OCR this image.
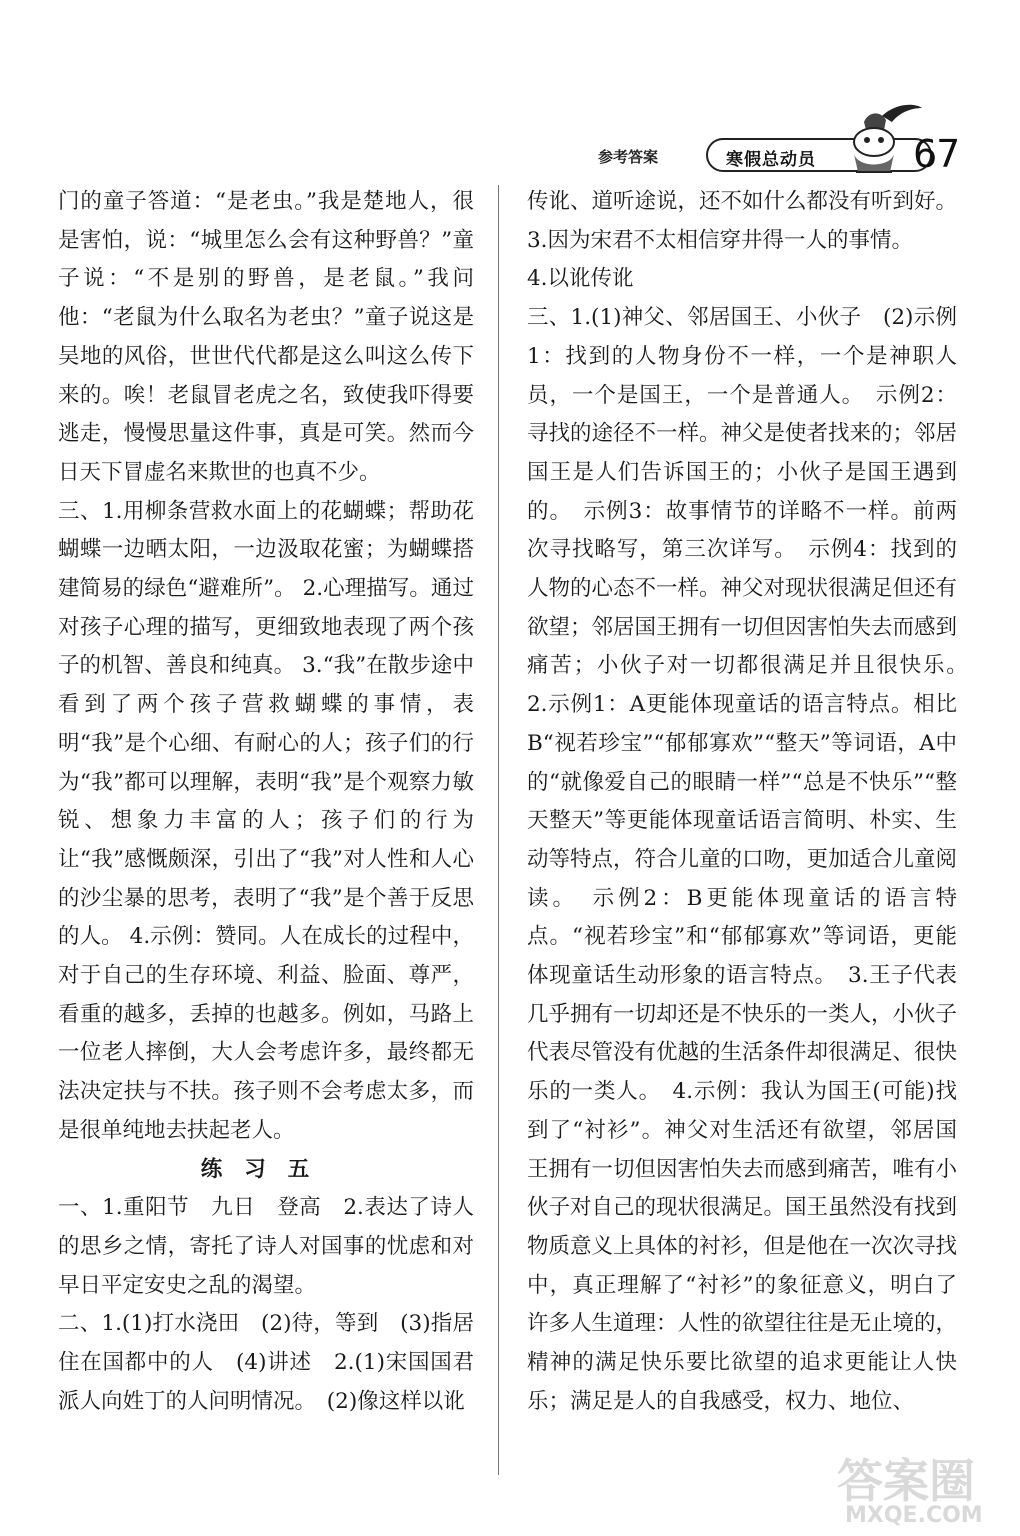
参考答案	寒假总动员	67

门的童子答道：“是老虫。”我是楚地人，很是害怕，说：“城里怎么会有这种野兽？”童子说：“不是别的野兽，是老鼠。”我问他：“老鼠为什么取名为老虫？”童子说这是吴地的风俗，世世代代都是这么叫这么传下来的。唉！老鼠冒老虎之名，致使我吓得要逃走，慢慢思量这件事，真是可笑。然而今日天下冒虚名来欺世的也真不少。

三、1.用柳条营救水面上的花蝴蝶；帮助花蝴蝶一边晒太阳，一边汲取花蜜；为蝴蝶搭建简易的绿色“避难所”。 2.心理描写。通过对孩子心理的描写，更细致地表现了两个孩子的机智、善良和纯真。 3.“我”在散步途中看到了两个孩子营救蝴蝶的事情，表明“我”是个心细、有耐心的人；孩子们的行为“我”都可以理解，表明“我”是个观察力敏锐、想象力丰富的人；孩子们的行为让“我”感慨颇深，引出了“我”对人性和人心的沙尘暴的思考，表明了“我”是个善于反思的人。 4.示例：赞同。人在成长的过程中，对于自己的生存环境、利益、脸面、尊严，看重的越多，丢掉的也越多。例如，马路上一位老人摔倒，大人会考虑许多，最终都无法决定扶与不扶。孩子则不会考虑太多，而是很单纯地去扶起老人。

练习五

一、1.重阳节　九日　登高　2.表达了诗人的思乡之情，寄托了诗人对国事的忧虑和对早日平定安史之乱的渴望。

二、1.(1)打水浇田　(2)待，等到　(3)指居住在国都中的人　(4)讲述　2.(1)宋国国君派人向姓丁的人问明情况。　(2)像这样以讹

传讹、道听途说，还不如什么都没有听到好。

3.因为宋君不太相信穿井得一人的事情。

4.以讹传讹

三、1.(1)神父、邻居国王、小伙子　(2)示例1：找到的人物身份不一样，一个是神职人员，一个是国王，一个是普通人。　示例2：寻找的途径不一样。神父是使者找来的；邻居国王是人们告诉国王的；小伙子是国王遇到的。　示例3：故事情节的详略不一样。前两次寻找略写，第三次详写。　示例4：找到的人物的心态不一样。神父对现状很满足但还有欲望；邻居国王拥有一切但因害怕失去而感到痛苦；小伙子对一切都很满足并且很快乐。　2.示例1：A更能体现童话的语言特点。相比B“视若珍宝”“郁郁寡欢”“整天”等词语，A中的“就像爱自己的眼睛一样”“总是不快乐”“整天整天”等更能体现童话语言简明、朴实、生动等特点，符合儿童的口吻，更加适合儿童阅读。　示例2：B更能体现童话的语言特点。“视若珍宝”和“郁郁寡欢”等词语，更能体现童话生动形象的语言特点。　3.王子代表几乎拥有一切却还是不快乐的一类人，小伙子代表尽管没有优越的生活条件却很满足、很快乐的一类人。　4.示例：我认为国王(可能)找到了“衬衫”。神父对生活还有欲望，邻居国王拥有一切但因害怕失去而感到痛苦，唯有小伙子对自己的现状很满足。国王虽然没有找到物质意义上具体的衬衫，但是他在一次次寻找中，真正理解了“衬衫”的象征意义，明白了许多人生道理：人性的欲望往往是无止境的，精神的满足快乐要比欲望的追求更能让人快乐；满足是人的自我感受，权力、地位、

答案圈
MXQE.COM
